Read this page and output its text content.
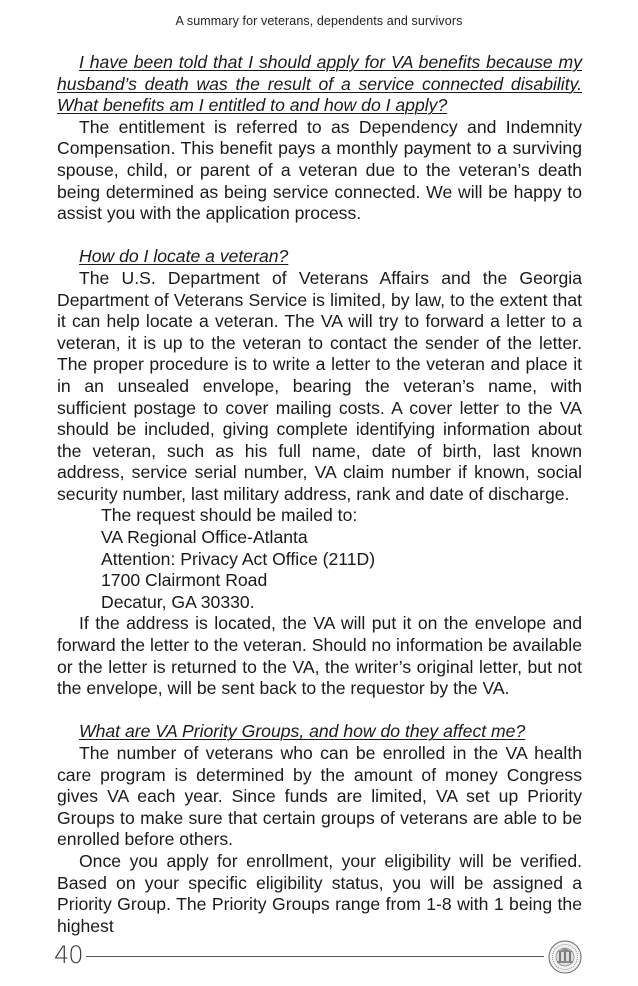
A summary for veterans, dependents and survivors

I have been told that I should apply for VA benefits because my husband’s death was the result of a service connected disability. What benefits am I entitled to and how do I apply?

The entitlement is referred to as Dependency and Indemnity Compensation. This benefit pays a monthly payment to a surviving spouse, child, or parent of a veteran due to the veteran’s death being determined as being service connected. We will be happy to assist you with the application process.

How do I locate a veteran?

The U.S. Department of Veterans Affairs and the Georgia Department of Veterans Service is limited, by law, to the extent that it can help locate a veteran. The VA will try to forward a letter to a veteran, it is up to the veteran to contact the sender of the letter. The proper procedure is to write a letter to the veteran and place it in an unsealed envelope, bearing the veteran’s name, with sufficient postage to cover mailing costs. A cover letter to the VA should be included, giving complete identifying information about the veteran, such as his full name, date of birth, last known address, service serial number, VA claim number if known, social security number, last military address, rank and date of discharge.

The request should be mailed to:

VA Regional Office-Atlanta

Attention: Privacy Act Office (211D)

1700 Clairmont Road

Decatur, GA 30330.

If the address is located, the VA will put it on the envelope and forward the letter to the veteran. Should no information be available or the letter is returned to the VA, the writer’s original letter, but not the envelope, will be sent back to the requestor by the VA.

What are VA Priority Groups, and how do they affect me?

The number of veterans who can be enrolled in the VA health care program is determined by the amount of money Congress gives VA each year. Since funds are limited, VA set up Priority Groups to make sure that certain groups of veterans are able to be enrolled before others.

Once you apply for enrollment, your eligibility will be verified. Based on your specific eligibility status, you will be assigned a Priority Group. The Priority Groups range from 1-8 with 1 being the highest

40
